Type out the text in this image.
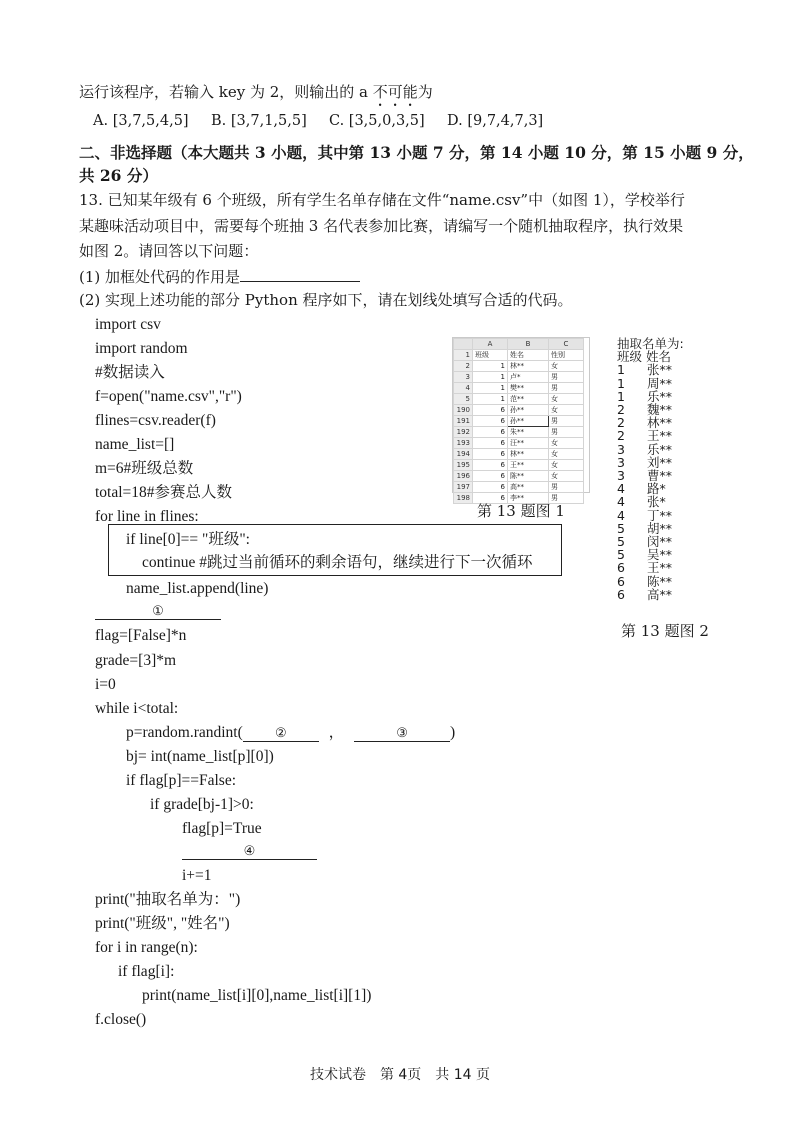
运行该程序，若输入 key 为 2，则输出的 a 不可能为
A. [3,7,5,4,5] B. [3,7,1,5,5] C. [3,5,0,3,5] D. [9,7,4,7,3]
二、非选择题（本大题共 3 小题，其中第 13 小题 7 分，第 14 小题 10 分，第 15 小题 9 分，
共 26 分）
13. 已知某年级有 6 个班级，所有学生名单存储在文件“name.csv”中（如图 1），学校举行
某趣味活动项目中，需要每个班抽 3 名代表参加比赛，请编写一个随机抽取程序，执行效果
如图 2。请回答以下问题：
(1) 加框处代码的作用是
(2) 实现上述功能的部分 Python 程序如下，请在划线处填写合适的代码。
import csv
import random
#数据读入
f=open("name.csv","r")
flines=csv.reader(f)
name_list=[]
m=6#班级总数
total=18#参赛总人数
for line in flines:
if line[0]== "班级":
continue #跳过当前循环的剩余语句，继续进行下一次循环
name_list.append(line)
①
flag=[False]*n
grade=[3]*m
i=0
while i<total:
p=random.randint( ②	，	③	)
bj= int(name_list[p][0])
if flag[p]==False:
if grade[bj-1]>0:
flag[p]=True
④
i+=1
print("抽取名单为：")
print("班级", "姓名")
for i in range(n):
if flag[i]:
print(name_list[i][0],name_list[i][1])
f.close()
	A	B	C
1	班级	姓名	性别
2	1	林**	女
3	1	卢*	男
4	1	樊**	男
5	1	范**	女
190	6	孙**	女
191	6	孙**	男
192	6	朱**	男
193	6	汪**	女
194	6	林**	女
195	6	王**	女
196	6	陈**	女
197	6	高**	男
198	6	李**	男
第 13 题图 1
抽取名单为:
班级 姓名
1 张**
1 周**
1 乐**
2 魏**
2 林**
2 王**
3 乐**
3 刘**
3 曹**
4 路*
4 张*
4 丁**
5 胡**
5 闵**
5 吴**
6 王**
6 陈**
6 高**
第 13 题图 2
技术试卷　第 4页　共 14 页
